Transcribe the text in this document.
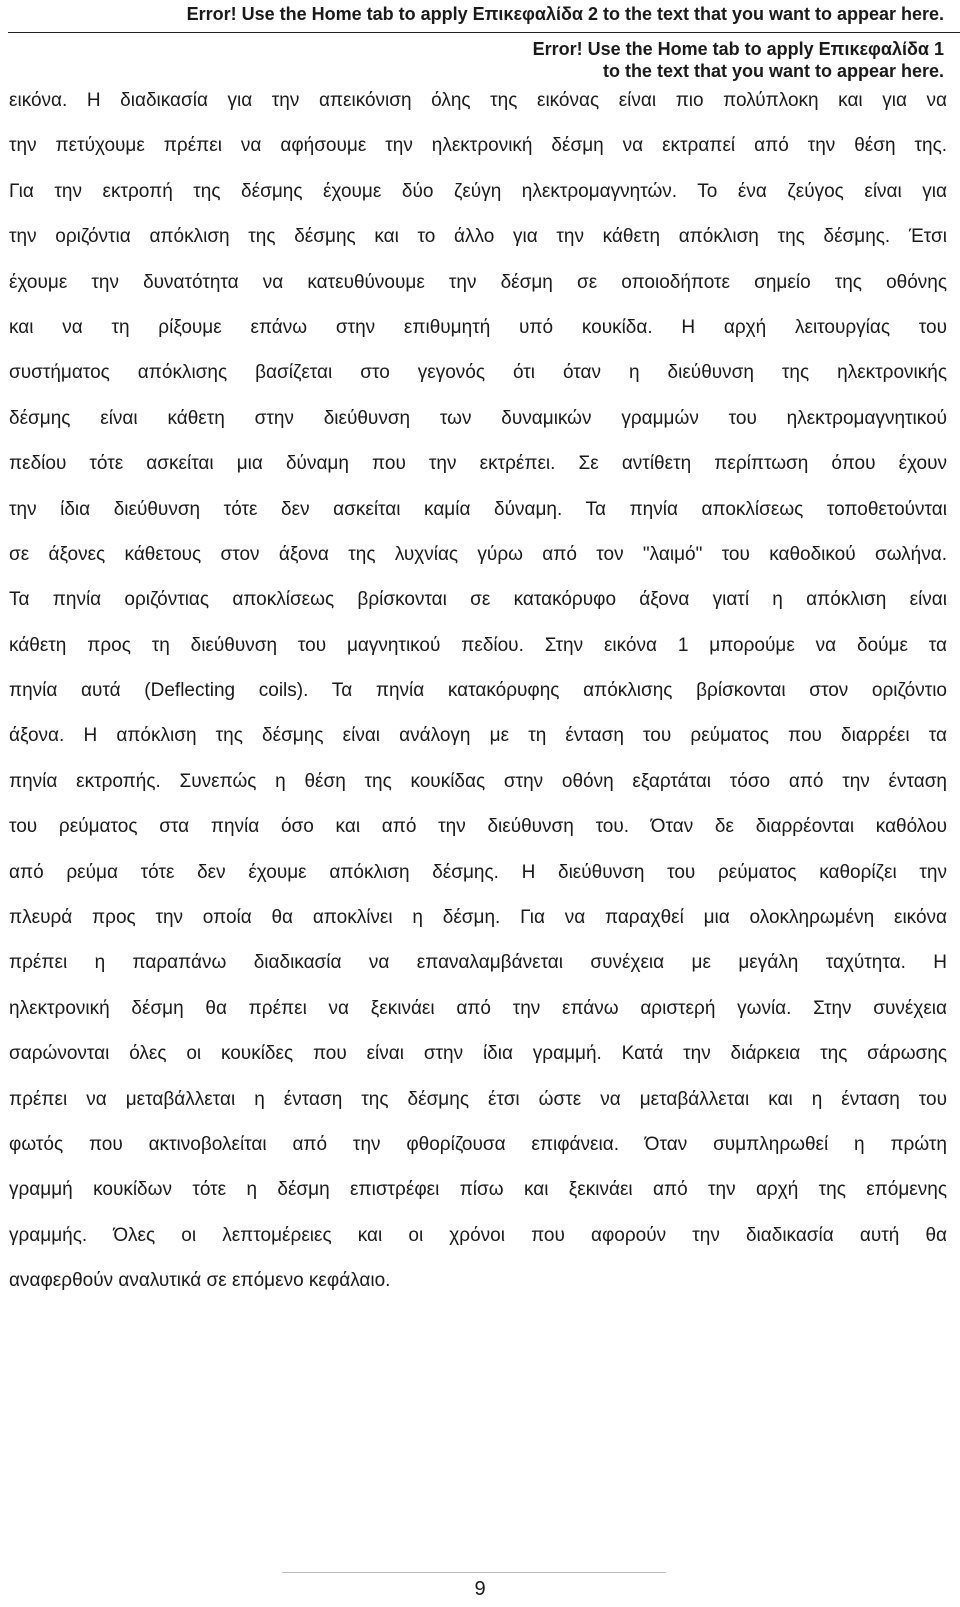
Error! Use the Home tab to apply Επικεφαλίδα 2 to the text that you want to appear here.

Error! Use the Home tab to apply Επικεφαλίδα 1

to the text that you want to appear here.

εικόνα. Η διαδικασία για την απεικόνιση όλης της εικόνας είναι πιο πολύπλοκη και για να

την πετύχουμε πρέπει να αφήσουμε την ηλεκτρονική δέσμη να εκτραπεί από την θέση της.

Για την εκτροπή της δέσμης έχουμε δύο ζεύγη ηλεκτρομαγνητών. Το ένα ζεύγος είναι για

την οριζόντια απόκλιση της δέσμης και το άλλο για την κάθετη απόκλιση της δέσμης. Έτσι

έχουμε την δυνατότητα να κατευθύνουμε την δέσμη σε οποιοδήποτε σημείο της οθόνης

και να τη ρίξουμε επάνω στην επιθυμητή υπό κουκίδα. Η αρχή λειτουργίας του

συστήματος απόκλισης βασίζεται στο γεγονός ότι όταν η διεύθυνση της ηλεκτρονικής

δέσμης είναι κάθετη στην διεύθυνση των δυναμικών γραμμών του ηλεκτρομαγνητικού

πεδίου τότε ασκείται μια δύναμη που την εκτρέπει. Σε αντίθετη περίπτωση όπου έχουν

την ίδια διεύθυνση τότε δεν ασκείται καμία δύναμη. Τα πηνία αποκλίσεως τοποθετούνται

σε άξονες κάθετους στον άξονα της λυχνίας γύρω από τον "λαιμό" του καθοδικού σωλήνα.

Τα πηνία οριζόντιας αποκλίσεως βρίσκονται σε κατακόρυφο άξονα γιατί η απόκλιση είναι

κάθετη προς τη διεύθυνση του μαγνητικού πεδίου. Στην εικόνα 1 μπορούμε να δούμε τα

πηνία αυτά (Deflecting coils). Τα πηνία κατακόρυφης απόκλισης βρίσκονται στον οριζόντιο

άξονα. Η απόκλιση της δέσμης είναι ανάλογη με τη ένταση του ρεύματος που διαρρέει τα

πηνία εκτροπής. Συνεπώς η θέση της κουκίδας στην οθόνη εξαρτάται τόσο από την ένταση

του ρεύματος στα πηνία όσο και από την διεύθυνση του. Όταν δε διαρρέονται καθόλου

από ρεύμα τότε δεν έχουμε απόκλιση δέσμης. Η διεύθυνση του ρεύματος καθορίζει την

πλευρά προς την οποία θα αποκλίνει η δέσμη. Για να παραχθεί μια ολοκληρωμένη εικόνα

πρέπει η παραπάνω διαδικασία να επαναλαμβάνεται συνέχεια με μεγάλη ταχύτητα. Η

ηλεκτρονική δέσμη θα πρέπει να ξεκινάει από την επάνω αριστερή γωνία. Στην συνέχεια

σαρώνονται όλες οι κουκίδες που είναι στην ίδια γραμμή. Κατά την διάρκεια της σάρωσης

πρέπει να μεταβάλλεται η ένταση της δέσμης έτσι ώστε να μεταβάλλεται και η ένταση του

φωτός που ακτινοβολείται από την φθορίζουσα επιφάνεια. Όταν συμπληρωθεί η πρώτη

γραμμή κουκίδων τότε η δέσμη επιστρέφει πίσω και ξεκινάει από την αρχή της επόμενης

γραμμής. Όλες οι λεπτομέρειες και οι χρόνοι που αφορούν την διαδικασία αυτή θα

αναφερθούν αναλυτικά σε επόμενο κεφάλαιο.

9
